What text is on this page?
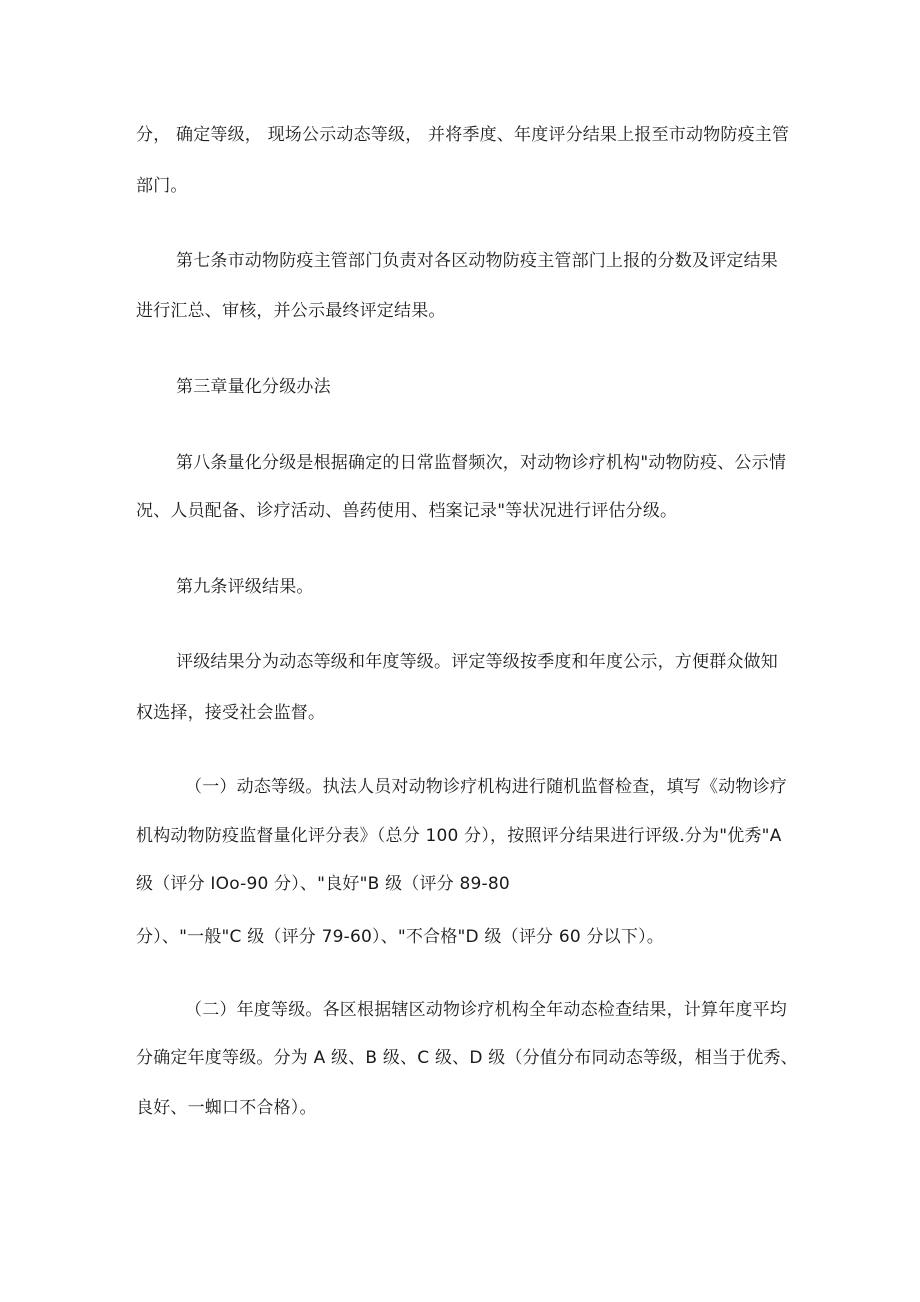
分， 确定等级， 现场公示动态等级， 并将季度、年度评分结果上报至市动物防疫主管
部门。
第七条市动物防疫主管部门负责对各区动物防疫主管部门上报的分数及评定结果
进行汇总、审核，并公示最终评定结果。
第三章量化分级办法
第八条量化分级是根据确定的日常监督频次，对动物诊疗机构"动物防疫、公示情
况、人员配备、诊疗活动、兽药使用、档案记录"等状况进行评估分级。
第九条评级结果。
评级结果分为动态等级和年度等级。评定等级按季度和年度公示，方便群众做知
权选择，接受社会监督。
（一）动态等级。执法人员对动物诊疗机构进行随机监督检查，填写《动物诊疗
机构动物防疫监督量化评分表》（总分 100 分），按照评分结果进行评级.分为"优秀"A
级（评分 IOo-90 分）、"良好"B 级（评分 89-80
分）、"一般"C 级（评分 79-60）、"不合格"D 级（评分 60 分以下）。
（二）年度等级。各区根据辖区动物诊疗机构全年动态检查结果，计算年度平均
分确定年度等级。分为 A 级、B 级、C 级、D 级（分值分布同动态等级，相当于优秀、
良好、一蜘口不合格）。
